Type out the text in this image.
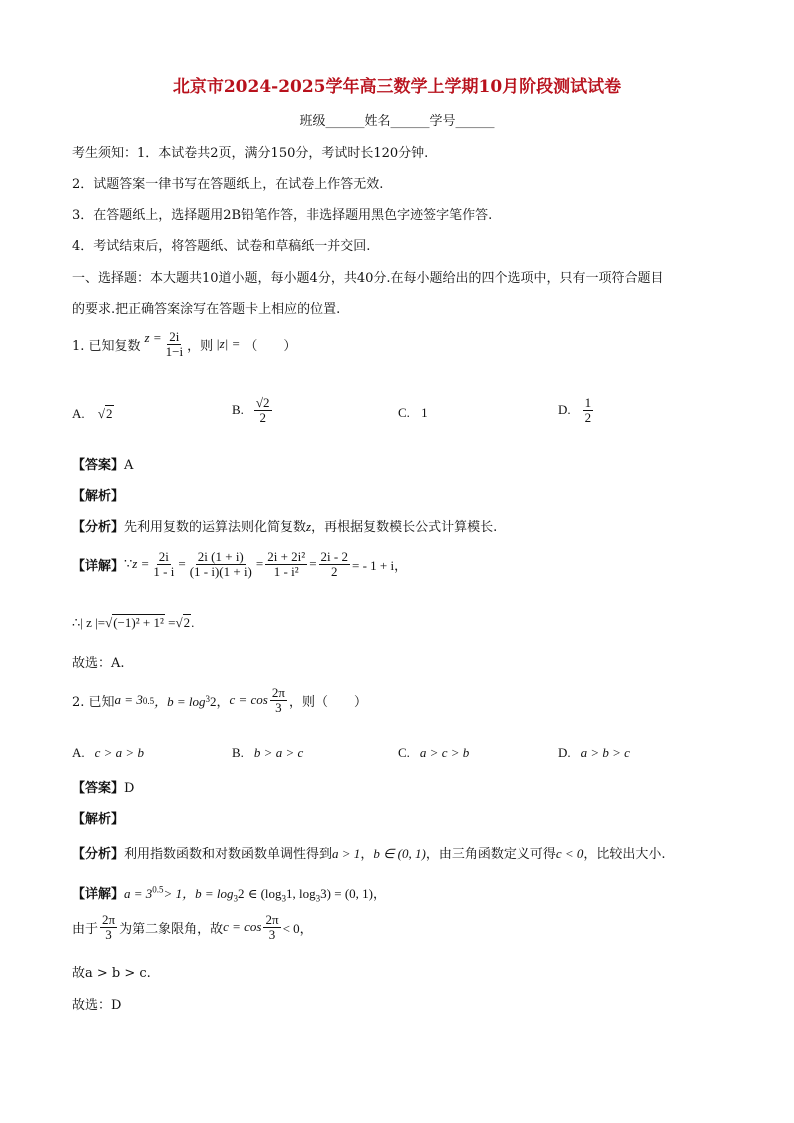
北京市2024-2025学年高三数学上学期10月阶段测试试卷
班级______姓名______学号______
考生须知：1．本试卷共2页，满分150分，考试时长120分钟.
2．试题答案一律书写在答题纸上，在试卷上作答无效.
3．在答题纸上，选择题用2B铅笔作答，非选择题用黑色字迹签字笔作答.
4．考试结束后，将答题纸、试卷和草稿纸一并交回.
一、选择题：本大题共10道小题，每小题4分，共40分.在每小题给出的四个选项中，只有一项符合题目
的要求.把正确答案涂写在答题卡上相应的位置.
1. 已知复数
$z = \frac{2i}{1-i}$ ，则 |z| = （　　）
A. √2	B. $\frac{√2}{2}$	C. 1	D. $\frac{1}{2}$
【答案】A
【解析】
【分析】先利用复数的运算法则化简复数z，再根据复数模长公式计算模长.
【详解】 ∵ $z = \frac{2i}{1 - i} = \frac{2i (1 + i)}{(1 - i)(1 + i)} = \frac{\text{2i + 2i²}}{\text{1 - i²}} = \frac{2i - 2}{2}$ = - 1 + i，
∴| z |=√(−1)² + 1² =√2.
故选：A.
2. 已知 a = 3 0.5 ，b = log 3 2， $c = \cos \frac{2\pi}{3}$ ，则（　　）
A. c > a > b	B. b > a > c	C. a > c > b	D. a > b > c
【答案】D
【解析】
【分析】利用指数函数和对数函数单调性得到a > 1，b ∈ (0, 1)，由三角函数定义可得c < 0，比较出大小.
【详解】$a = 3^{0.5}> 1$，$b = \log_32$ ∈ ($\log_31$, $\log_33) = (0$, 1)，
由于 $\frac{2\pi}{3}$ 为第二象限角，故 $c = \cos \frac{2\pi}{3} < 0$，
故a > b > c.
故选：D
